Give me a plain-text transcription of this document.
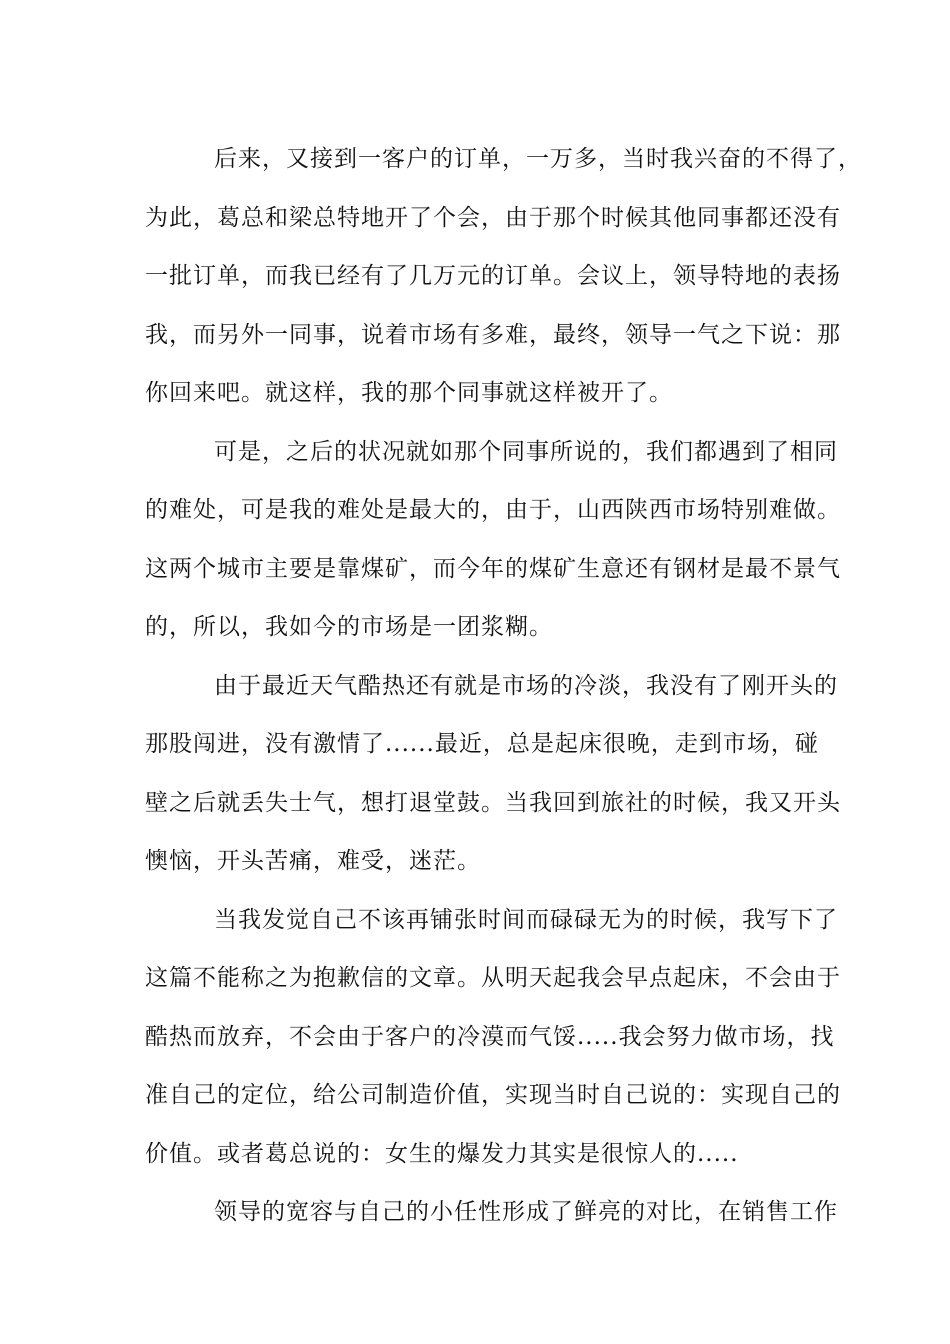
后来，又接到一客户的订单，一万多，当时我兴奋的不得了，
为此，葛总和梁总特地开了个会，由于那个时候其他同事都还没有
一批订单，而我已经有了几万元的订单。会议上，领导特地的表扬
我，而另外一同事，说着市场有多难，最终，领导一气之下说：那
你回来吧。就这样，我的那个同事就这样被开了。
可是，之后的状况就如那个同事所说的，我们都遇到了相同
的难处，可是我的难处是最大的，由于，山西陕西市场特别难做。
这两个城市主要是靠煤矿，而今年的煤矿生意还有钢材是最不景气
的，所以，我如今的市场是一团浆糊。
由于最近天气酷热还有就是市场的冷淡，我没有了刚开头的
那股闯进，没有激情了......最近，总是起床很晚，走到市场，碰
壁之后就丢失士气，想打退堂鼓。当我回到旅社的时候，我又开头
懊恼，开头苦痛，难受，迷茫。
当我发觉自己不该再铺张时间而碌碌无为的时候，我写下了
这篇不能称之为抱歉信的文章。从明天起我会早点起床，不会由于
酷热而放弃，不会由于客户的冷漠而气馁.....我会努力做市场，找
准自己的定位，给公司制造价值，实现当时自己说的：实现自己的
价值。或者葛总说的：女生的爆发力其实是很惊人的.....
领导的宽容与自己的小任性形成了鲜亮的对比，在销售工作
